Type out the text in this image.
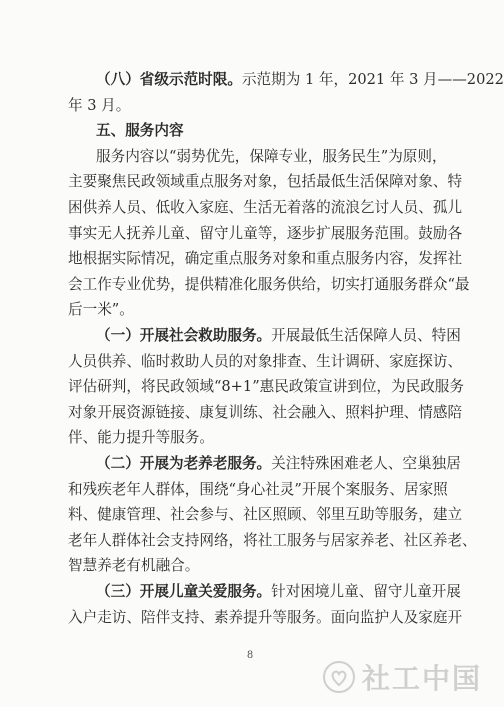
（八）省级示范时限。示范期为 1 年，2021 年 3 月——2022
年 3 月。
五、服务内容
服务内容以“弱势优先，保障专业，服务民生”为原则，
主要聚焦民政领域重点服务对象，包括最低生活保障对象、特
困供养人员、低收入家庭、生活无着落的流浪乞讨人员、孤儿
事实无人抚养儿童、留守儿童等，逐步扩展服务范围。鼓励各
地根据实际情况，确定重点服务对象和重点服务内容，发挥社
会工作专业优势，提供精准化服务供给，切实打通服务群众“最
后一米”。
（一）开展社会救助服务。开展最低生活保障人员、特困
人员供养、临时救助人员的对象排查、生计调研、家庭探访、
评估研判，将民政领域“8+1”惠民政策宣讲到位，为民政服务
对象开展资源链接、康复训练、社会融入、照料护理、情感陪
伴、能力提升等服务。
（二）开展为老养老服务。关注特殊困难老人、空巢独居
和残疾老年人群体，围绕“身心社灵”开展个案服务、居家照
料、健康管理、社会参与、社区照顾、邻里互助等服务，建立
老年人群体社会支持网络，将社工服务与居家养老、社区养老、
智慧养老有机融合。
（三）开展儿童关爱服务。针对困境儿童、留守儿童开展
入户走访、陪伴支持、素养提升等服务。面向监护人及家庭开
8
社工中国
